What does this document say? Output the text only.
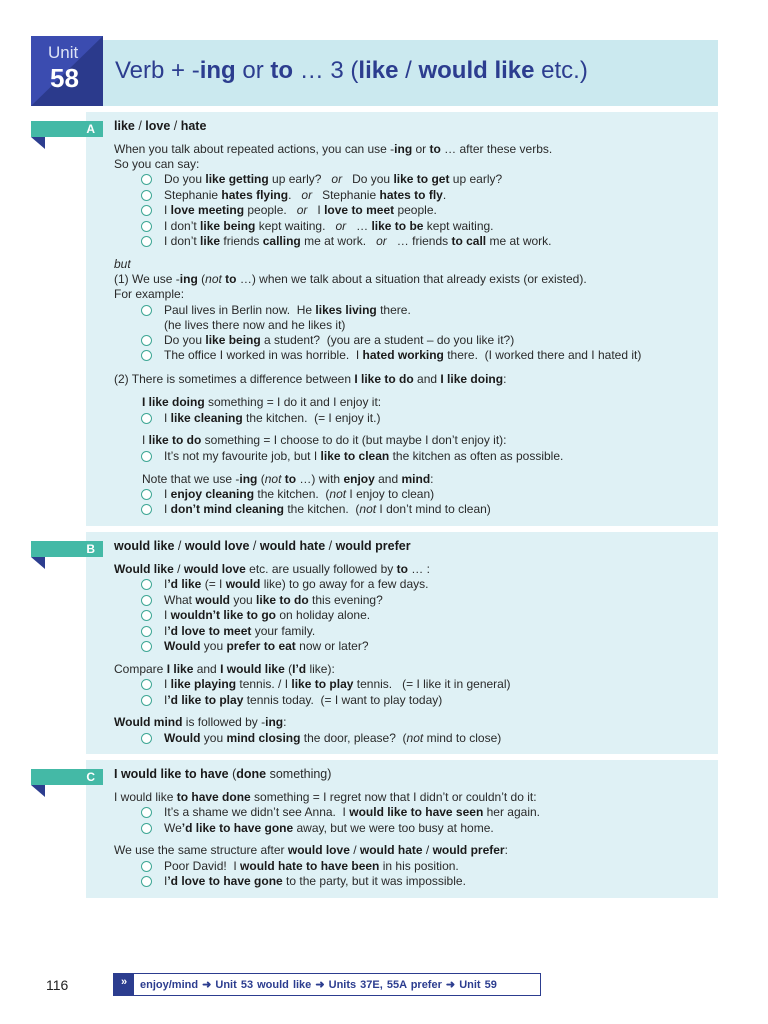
Unit
58 Verb + -ing or to … 3 (like / would like etc.)
A like / love / hate

When you talk about repeated actions, you can use -ing or to … after these verbs.

So you can say:

Do you like getting up early?   or   Do you like to get up early?

Stephanie hates flying.   or   Stephanie hates to fly.

I love meeting people.   or   I love to meet people.

I don’t like being kept waiting.   or   … like to be kept waiting.

I don’t like friends calling me at work.   or   … friends to call me at work.

but

(1) We use -ing (not to …) when we talk about a situation that already exists (or existed).

For example:

Paul lives in Berlin now.  He likes living there.

(he lives there now and he likes it)

Do you like being a student?  (you are a student – do you like it?)

The office I worked in was horrible.  I hated working there.  (I worked there and I hated it)

(2) There is sometimes a difference between I like to do and I like doing:

I like doing something = I do it and I enjoy it:

I like cleaning the kitchen.  (= I enjoy it.)

I like to do something = I choose to do it (but maybe I don’t enjoy it):

It’s not my favourite job, but I like to clean the kitchen as often as possible.

Note that we use -ing (not to …) with enjoy and mind:

I enjoy cleaning the kitchen.  (not I enjoy to clean)

I don’t mind cleaning the kitchen.  (not I don’t mind to clean)

B would like / would love / would hate / would prefer

Would like / would love etc. are usually followed by to … :

I’d like (= I would like) to go away for a few days.

What would you like to do this evening?

I wouldn’t like to go on holiday alone.

I’d love to meet your family.

Would you prefer to eat now or later?

Compare I like and I would like (I’d like):

I like playing tennis. / I like to play tennis.   (= I like it in general)

I’d like to play tennis today.  (= I want to play today)

Would mind is followed by -ing:

Would you mind closing the door, please?  (not mind to close)

C I would like to have (done something)

I would like to have done something = I regret now that I didn’t or couldn’t do it:

It’s a shame we didn’t see Anna.  I would like to have seen her again.

We’d like to have gone away, but we were too busy at home.

We use the same structure after would love / would hate / would prefer:

Poor David!  I would hate to have been in his position.

I’d love to have gone to the party, but it was impossible.

116	»	enjoy/mind ➜ Unit 53 would like ➜ Units 37E, 55A prefer ➜ Unit 59
